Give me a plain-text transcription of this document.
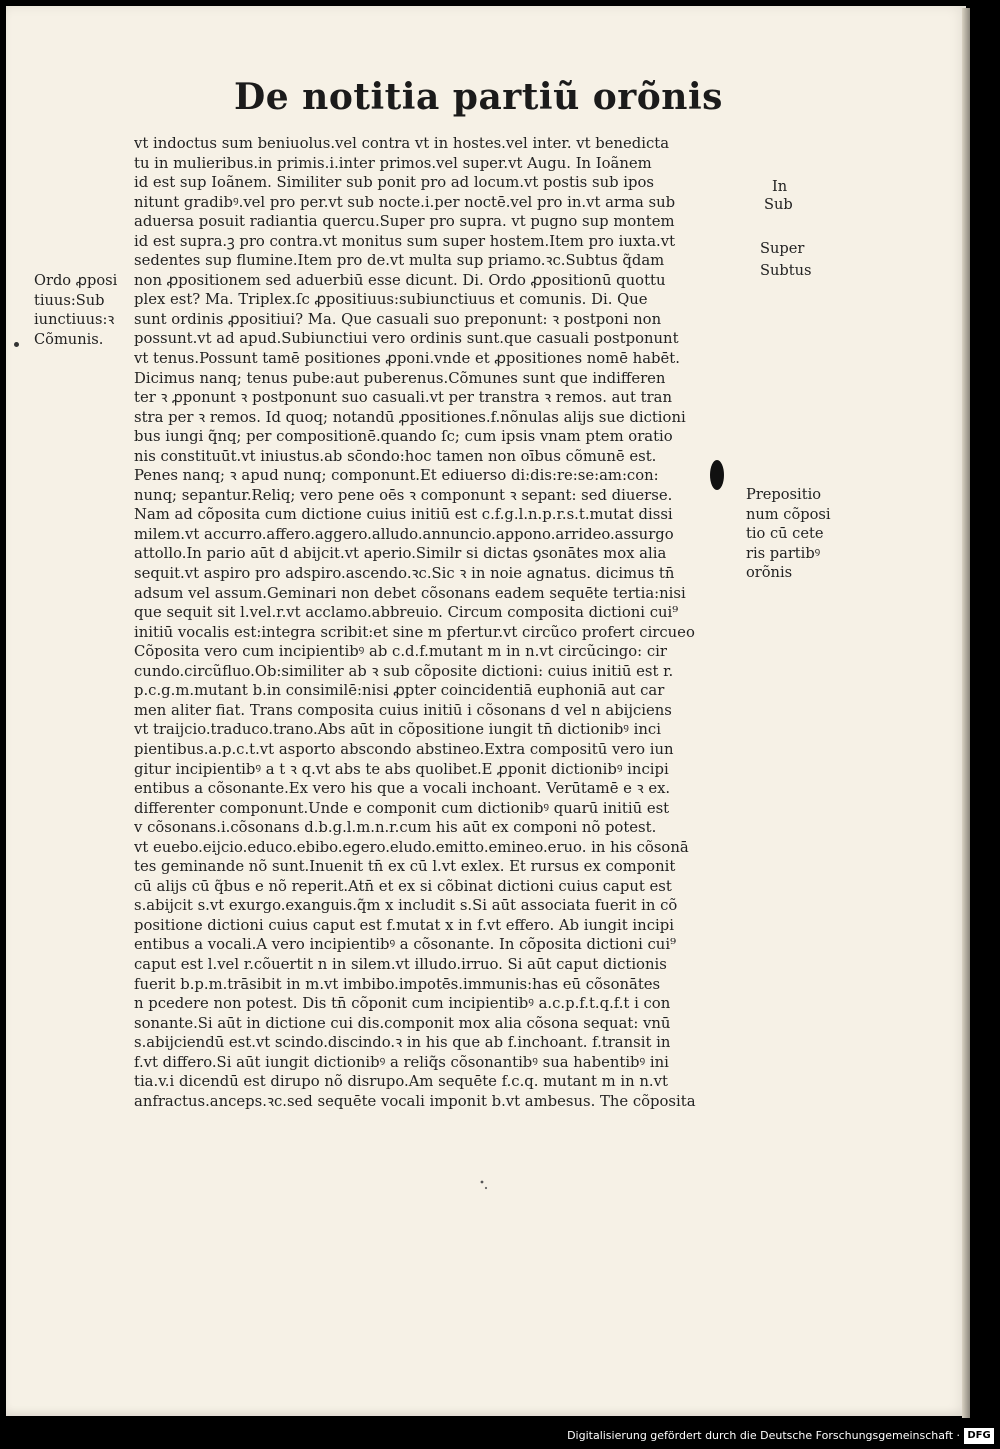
De notitia partiũ orõnis
vt indoctus sum beniuolus.vel contra vt in hostes.vel inter. vt benedicta
tu in mulieribus.in primis.i.inter primos.vel super.vt Augu. In Ioãnem
id est sup Ioãnem. Similiter sub ponit pro ad locum.vt postis sub ipos
nitunt gradibꝰ.vel pro per.vt sub nocte.i.per noctē.vel pro in.vt arma sub
aduersa posuit radiantia quercu.Super pro supra. vt pugno sup montem
id est supra.ꝫ pro contra.vt monitus sum super hostem.Item pro iuxta.vt
sedentes sup flumine.Item pro de.vt multa sup priamo.ꝛc.Subtus q̃dam
non ꝓpositionem sed aduerbiū esse dicunt. Di. Ordo ꝓpositionū quottu
plex est? Ma. Triplex.ſc ꝓpositiuus:subiunctiuus et comunis. Di. Que
sunt ordinis ꝓpositiui? Ma. Que casuali suo preponunt: ꝛ postponi non
possunt.vt ad apud.Subiunctiui vero ordinis sunt.que casuali postponunt
vt tenus.Possunt tamē positiones ꝓponi.vnde et ꝓpositiones nomē habēt.
Dicimus nanq; tenus pube:aut puberenus.Cõmunes sunt que indifferen
ter ꝛ ꝓponunt ꝛ postponunt suo casuali.vt per transtra ꝛ remos. aut tran
stra per ꝛ remos. Id quoq; notandū ꝓpositiones.f.nõnulas alijs sue dictioni
bus iungi q̃nq; per compositionē.quando ſc; cum ipsis vnam ptem oratio
nis constituūt.vt iniustus.ab sc̄ondo:hoc tamen non oībus cõmunē est.
Penes nanq; ꝛ apud nunq; componunt.Et ediuerso di:dis:re:se:am:con:
nunq; sepantur.Reliq; vero pene oēs ꝛ componunt ꝛ sepant: sed diuerse.
Nam ad cõposita cum dictione cuius initiū est c.f.g.l.n.p.r.s.t.mutat dissi
milem.vt accurro.affero.aggero.alludo.annuncio.appono.arrideo.assurgo
attollo.In pario aūt d abijcit.vt aperio.Similr si dictas ꝯsonātes mox alia
sequit.vt aspiro pro adspiro.ascendo.ꝛc.Sic ꝛ in noie agnatus. dicimus tn̄
adsum vel assum.Geminari non debet cõsonans eadem sequēte tertia:nisi
que sequit sit l.vel.r.vt acclamo.abbreuio. Circum composita dictioni cui⁹
initiū vocalis est:integra scribit:et sine m pfertur.vt circũco profert circueo
Cõposita vero cum incipientibꝰ ab c.d.f.mutant m in n.vt circũcingo: cir
cundo.circũfluo.Ob:similiter ab ꝛ sub cõposite dictioni: cuius initiū est r.
p.c.g.m.mutant b.in consimilē:nisi ꝓpter coincidentiā euphoniā aut car
men aliter fiat. Trans composita cuius initiū i cõsonans d vel n abijciens
vt traijcio.traduco.trano.Abs aūt in cõpositione iungit tn̄ dictionibꝰ inci
pientibus.a.p.c.t.vt asporto abscondo abstineo.Extra compositū vero iun
gitur incipientibꝰ a t ꝛ q.vt abs te abs quolibet.E ꝓponit dictionibꝰ incipi
entibus a cõsonante.Ex vero his que a vocali inchoant. Verūtamē e ꝛ ex.
differenter componunt.Unde e componit cum dictionibꝰ quarū initiū est
v cõsonans.i.cõsonans d.b.g.l.m.n.r.cum his aūt ex componi nõ potest.
vt euebo.eijcio.educo.ebibo.egero.eludo.emitto.emineo.eruo. in his cõsonā
tes geminande nõ sunt.Inuenit tn̄ ex cū l.vt exlex. Et rursus ex componit
cū alijs cū q̃bus e nõ reperit.Atn̄ et ex si cõbinat dictioni cuius caput est
s.abijcit s.vt exurgo.exanguis.q̃m x includit s.Si aūt associata fuerit in cõ
positione dictioni cuius caput est f.mutat x in f.vt effero. Ab iungit incipi
entibus a vocali.A vero incipientibꝰ a cõsonante. In cõposita dictioni cui⁹
caput est l.vel r.cõuertit n in silem.vt illudo.irruo. Si aūt caput dictionis
fuerit b.p.m.trāsibit in m.vt imbibo.impotēs.immunis:has eū cõsonātes
n pcedere non potest. Dis tn̄ cõponit cum incipientibꝰ a.c.p.f.t.q.f.t i con
sonante.Si aūt in dictione cui dis.componit mox alia cõsona sequat: vnū
s.abijciendū est.vt scindo.discindo.ꝛ in his que ab f.inchoant. f.transit in
f.vt differo.Si aūt iungit dictionibꝰ a reliq̃s cõsonantibꝰ sua habentibꝰ ini
tia.v.i dicendū est dirupo nõ disrupo.Am sequēte f.c.q. mutant m in n.vt
anfractus.anceps.ꝛc.sed sequēte vocali imponit b.vt ambesus. The cõposita
Ordo ꝓposi
tiuus:Sub
iunctiuus:ꝛ
Cõmunis.
In
Sub
Super
Subtus
Prepositio
num cõposi
tio cū cete
ris partibꝰ
orõnis
Digitalisierung gefördert durch die Deutsche Forschungsgemeinschaft · DFG
